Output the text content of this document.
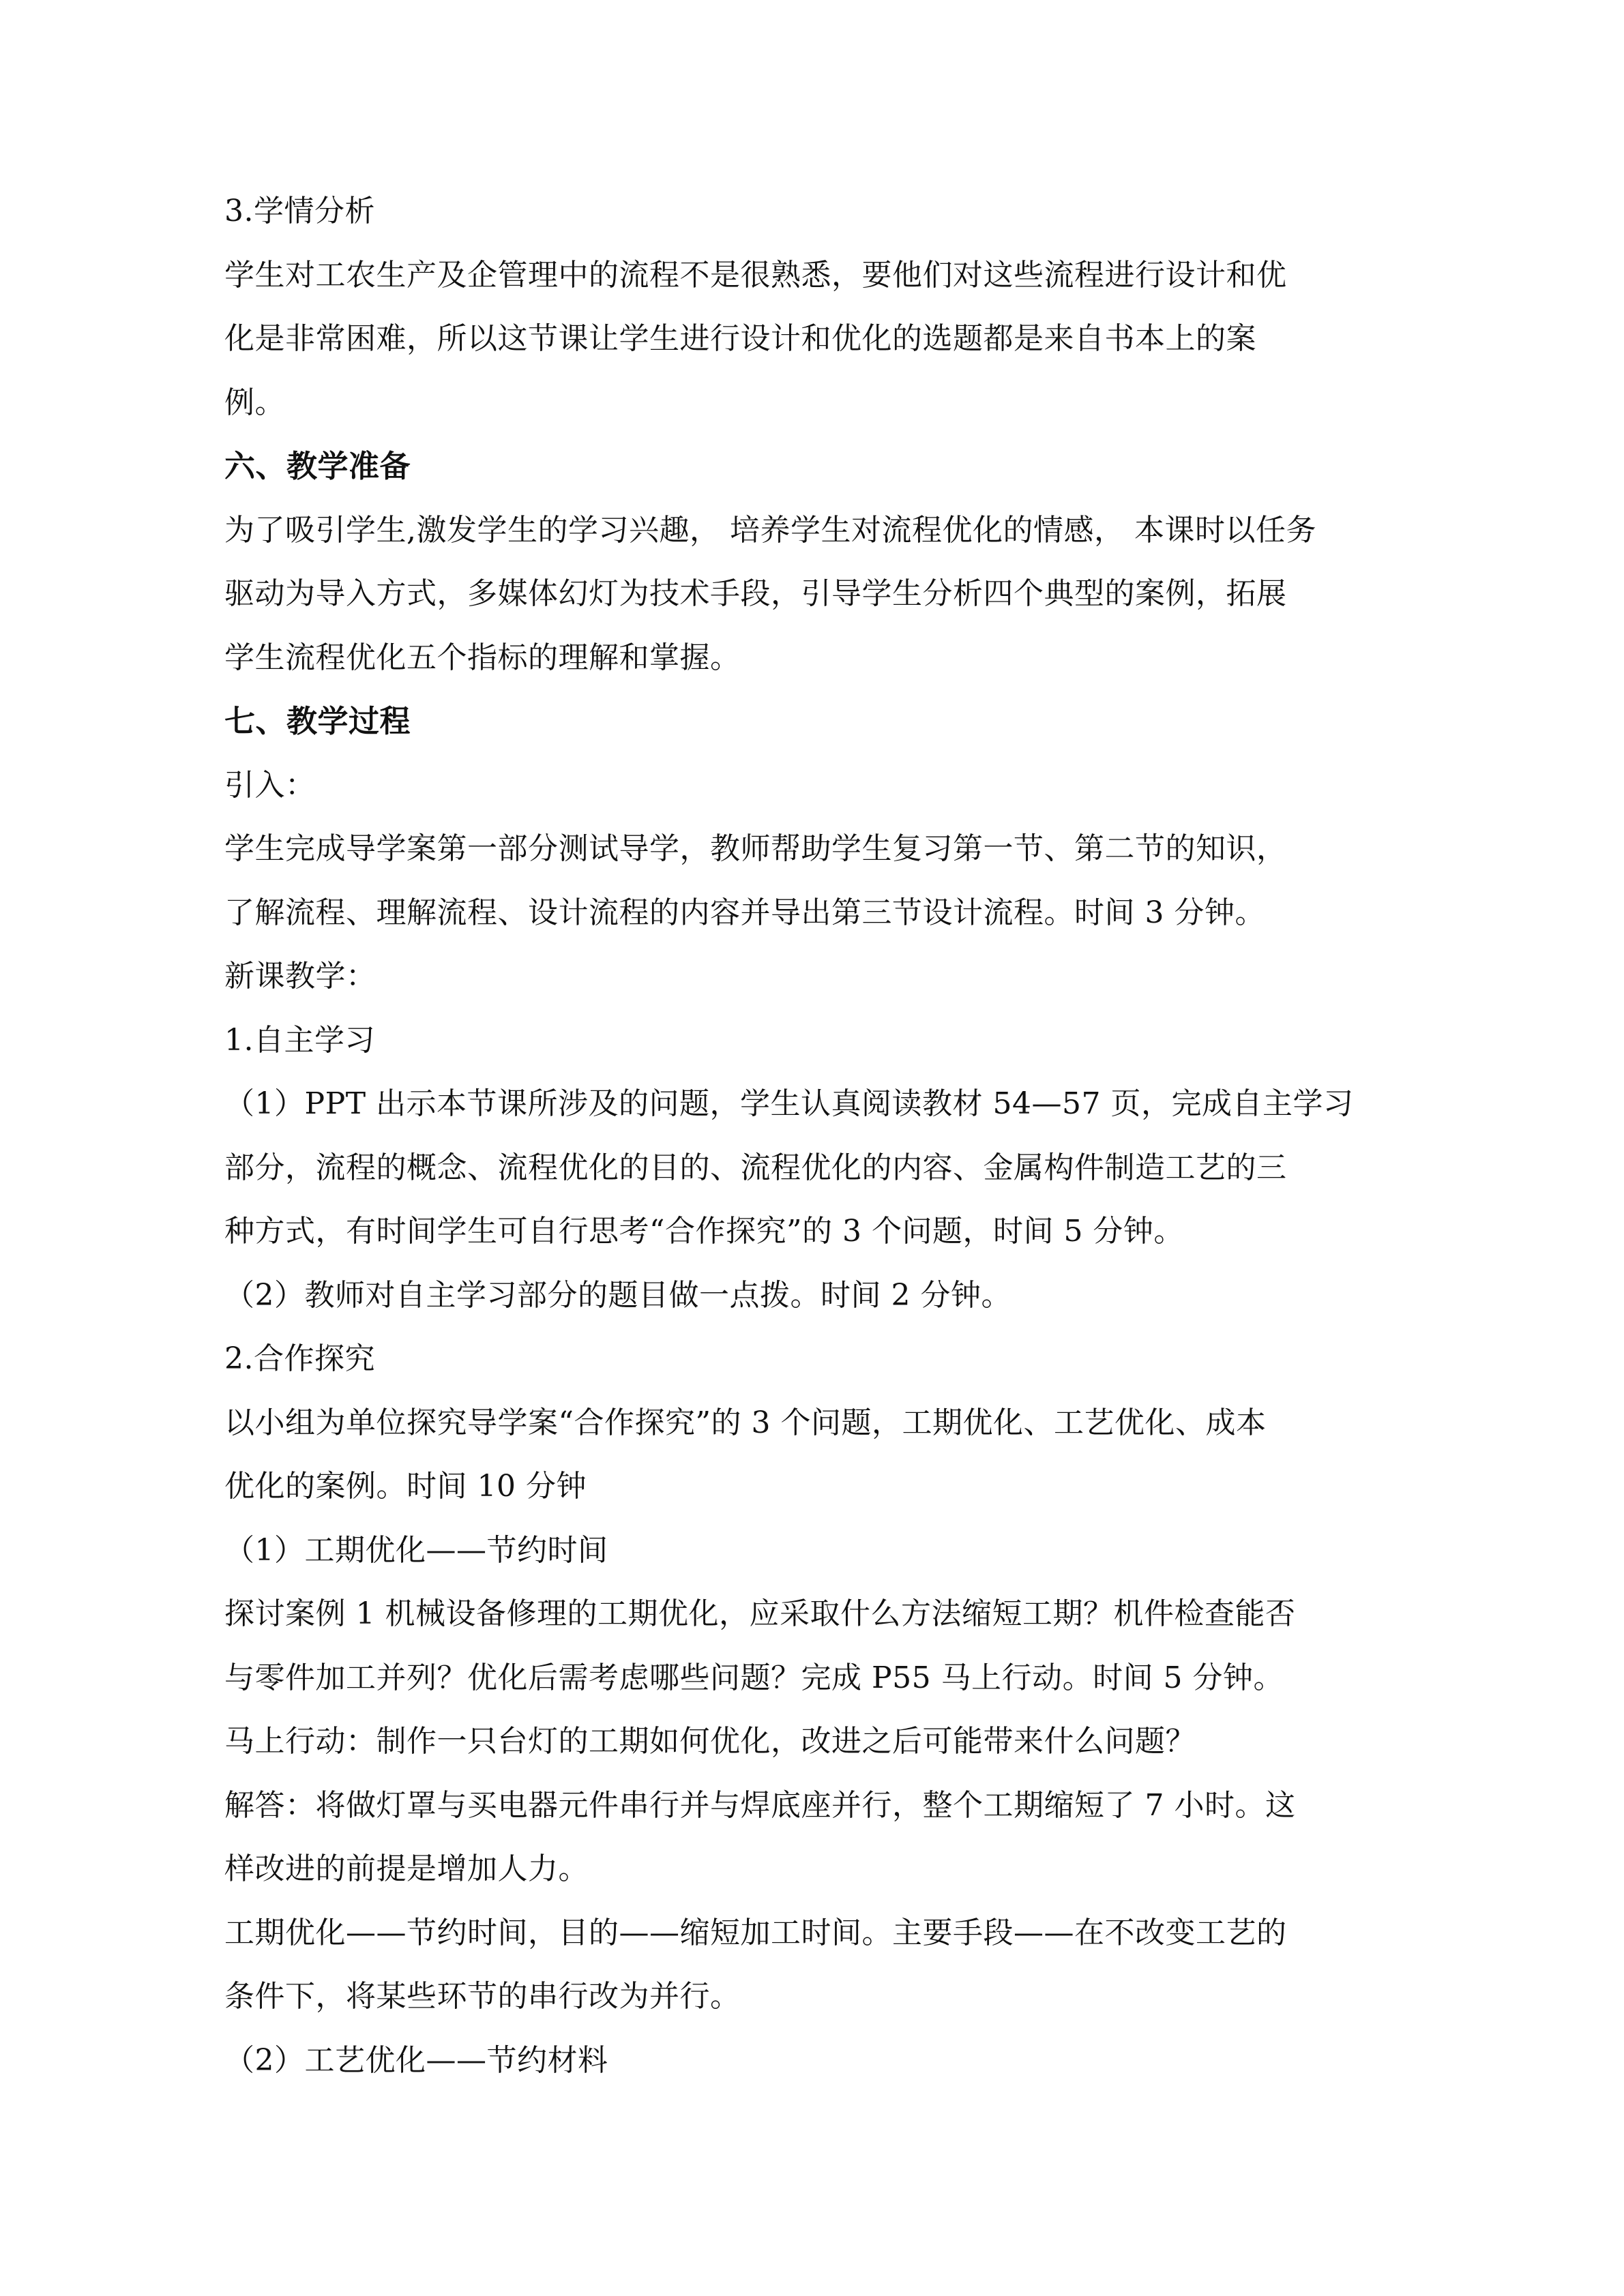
3.学情分析
学生对工农生产及企管理中的流程不是很熟悉，要他们对这些流程进行设计和优
化是非常困难，所以这节课让学生进行设计和优化的选题都是来自书本上的案
例。
六、教学准备
为了吸引学生,激发学生的学习兴趣， 培养学生对流程优化的情感， 本课时以任务
驱动为导入方式，多媒体幻灯为技术手段，引导学生分析四个典型的案例，拓展
学生流程优化五个指标的理解和掌握。
七、教学过程
引入：
学生完成导学案第一部分测试导学，教师帮助学生复习第一节、第二节的知识，
了解流程、理解流程、设计流程的内容并导出第三节设计流程。时间 3 分钟。
新课教学：
1.自主学习
（1）PPT 出示本节课所涉及的问题，学生认真阅读教材 54—57 页，完成自主学习
部分，流程的概念、流程优化的目的、流程优化的内容、金属构件制造工艺的三
种方式，有时间学生可自行思考“合作探究”的 3 个问题，时间 5 分钟。
（2）教师对自主学习部分的题目做一点拨。时间 2 分钟。
2.合作探究
以小组为单位探究导学案“合作探究”的 3 个问题，工期优化、工艺优化、成本
优化的案例。时间 10 分钟
（1）工期优化——节约时间
探讨案例 1 机械设备修理的工期优化，应采取什么方法缩短工期？机件检查能否
与零件加工并列？优化后需考虑哪些问题？完成 P55 马上行动。时间 5 分钟。
马上行动：制作一只台灯的工期如何优化，改进之后可能带来什么问题？
解答：将做灯罩与买电器元件串行并与焊底座并行，整个工期缩短了 7 小时。这
样改进的前提是增加人力。
工期优化——节约时间，目的——缩短加工时间。主要手段——在不改变工艺的
条件下，将某些环节的串行改为并行。
（2）工艺优化——节约材料
